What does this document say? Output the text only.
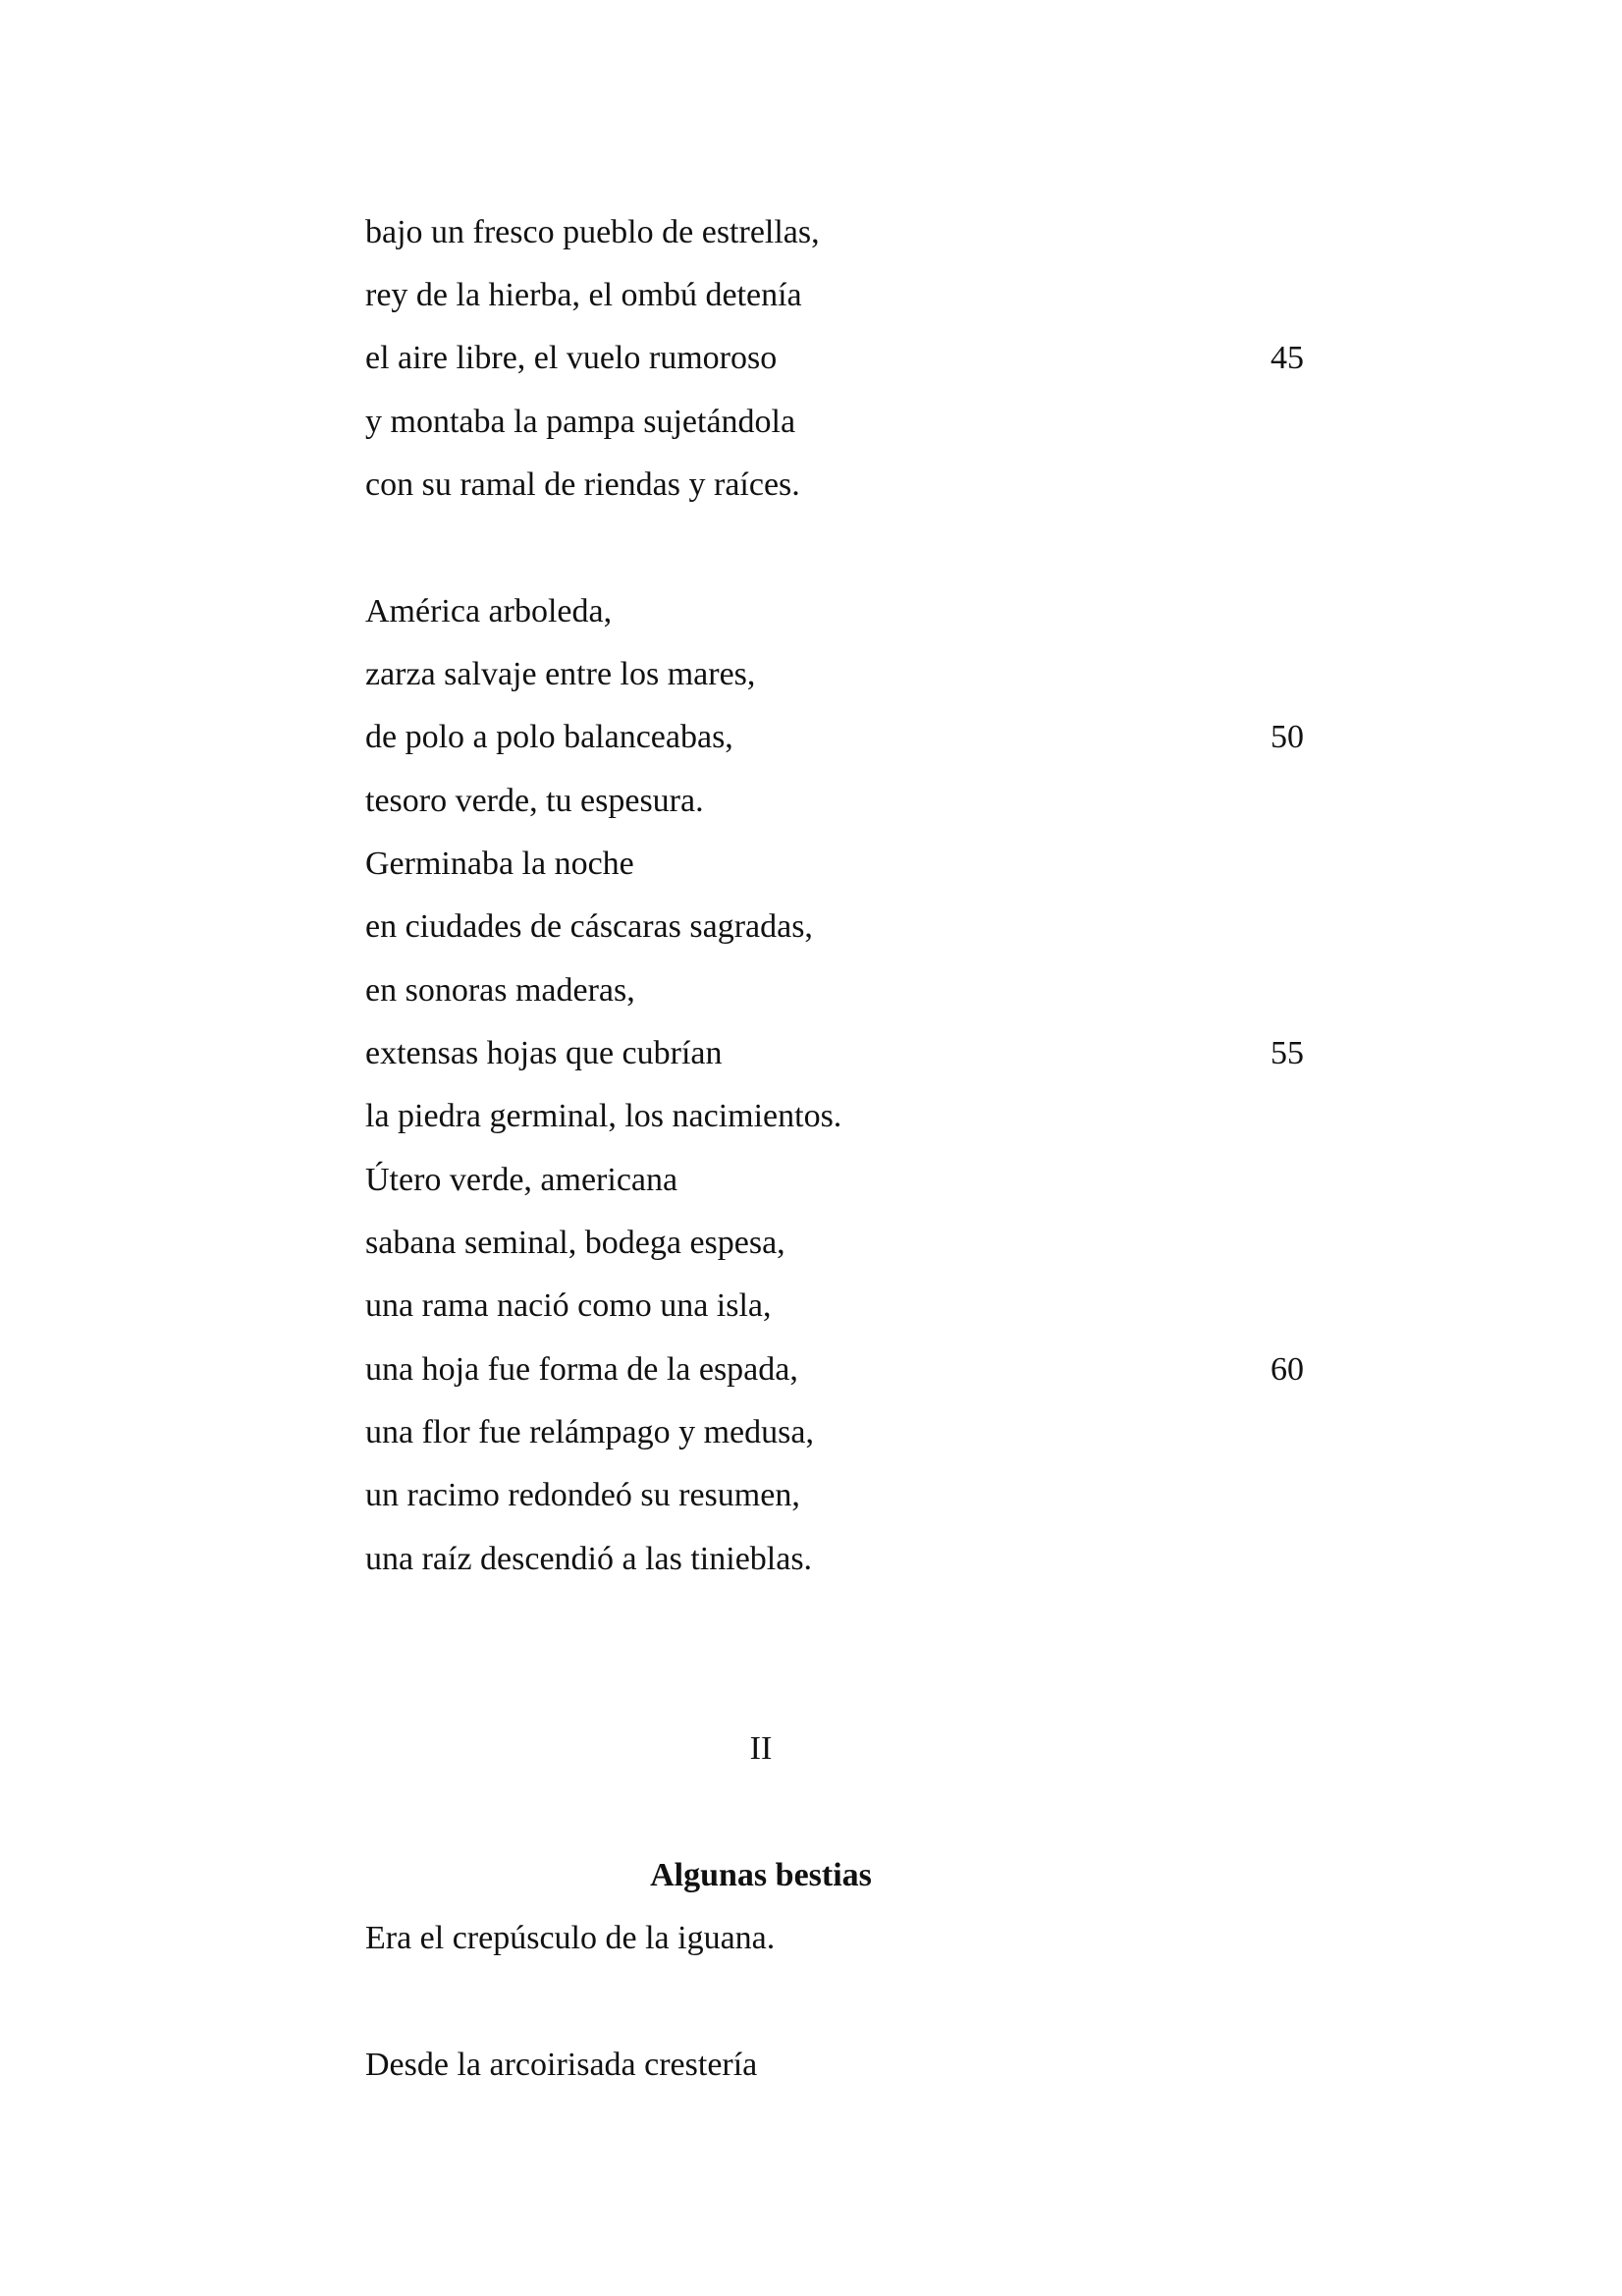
bajo un fresco pueblo de estrellas,
rey de la hierba, el ombú detenía
el aire libre, el vuelo rumoroso	45
y montaba la pampa sujetándola
con su ramal de riendas y raíces.
América arboleda,
zarza salvaje entre los mares,
de polo a polo balanceabas,	50
tesoro verde, tu espesura.
Germinaba la noche
en ciudades de cáscaras sagradas,
en sonoras maderas,
extensas hojas que cubrían	55
la piedra germinal, los nacimientos.
Útero verde, americana
sabana seminal, bodega espesa,
una rama nació como una isla,
una hoja fue forma de la espada,	60
una flor fue relámpago y medusa,
un racimo redondeó su resumen,
una raíz descendió a las tinieblas.
II
Algunas bestias
Era el crepúsculo de la iguana.
Desde la arcoirisada crestería
